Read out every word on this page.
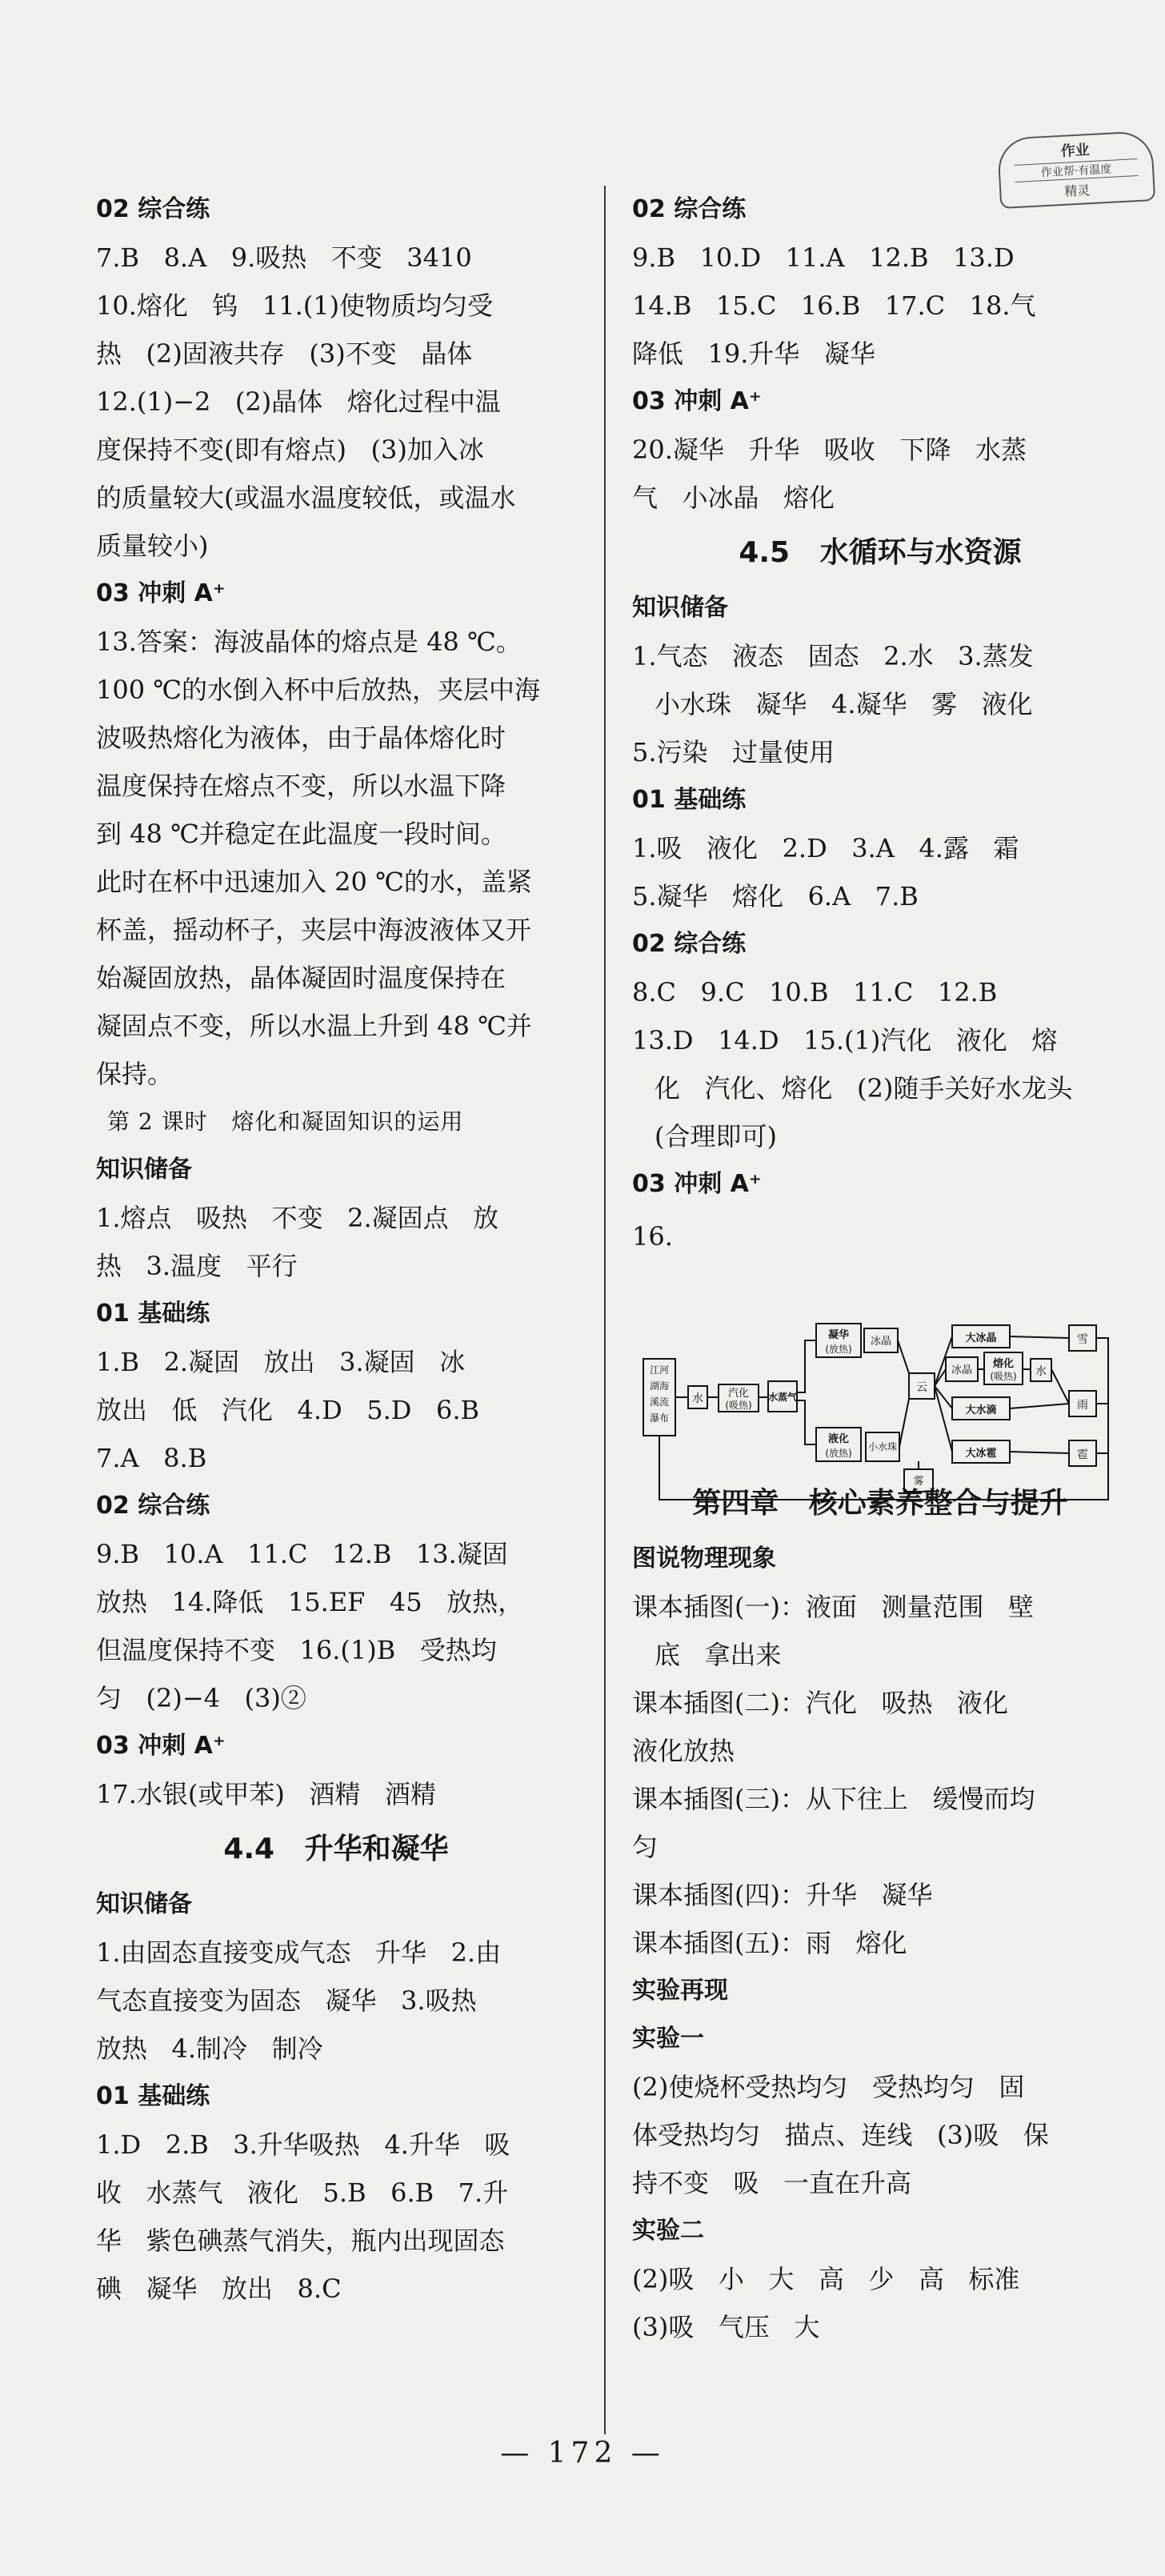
作业
作业帮·有温度
精灵

02 综合练

7.B   8.A   9.吸热   不变   3410

10.熔化   钨   11.(1)使物质均匀受

热   (2)固液共存   (3)不变   晶体

12.(1)−2   (2)晶体   熔化过程中温

度保持不变(即有熔点)   (3)加入冰

的质量较大(或温水温度较低，或温水

质量较小)

03 冲刺 A⁺

13.答案：海波晶体的熔点是 48 ℃。

100 ℃的水倒入杯中后放热，夹层中海

波吸热熔化为液体，由于晶体熔化时

温度保持在熔点不变，所以水温下降

到 48 ℃并稳定在此温度一段时间。

此时在杯中迅速加入 20 ℃的水，盖紧

杯盖，摇动杯子，夹层中海波液体又开

始凝固放热，晶体凝固时温度保持在

凝固点不变，所以水温上升到 48 ℃并

保持。

第 2 课时   熔化和凝固知识的运用

知识储备

1.熔点   吸热   不变   2.凝固点   放

热   3.温度   平行

01 基础练

1.B   2.凝固   放出   3.凝固   冰

放出   低   汽化   4.D   5.D   6.B

7.A   8.B

02 综合练

9.B   10.A   11.C   12.B   13.凝固

放热   14.降低   15.EF   45   放热，

但温度保持不变   16.(1)B   受热均

匀   (2)−4   (3)②

03 冲刺 A⁺

17.水银(或甲苯)   酒精   酒精

4.4   升华和凝华

知识储备

1.由固态直接变成气态   升华   2.由

气态直接变为固态   凝华   3.吸热

放热   4.制冷   制冷

01 基础练

1.D   2.B   3.升华吸热   4.升华   吸

收   水蒸气   液化   5.B   6.B   7.升

华   紫色碘蒸气消失，瓶内出现固态

碘   凝华   放出   8.C

02 综合练

9.B   10.D   11.A   12.B   13.D

14.B   15.C   16.B   17.C   18.气

降低   19.升华   凝华

03 冲刺 A⁺

20.凝华   升华   吸收   下降   水蒸

气   小冰晶   熔化

4.5   水循环与水资源

知识储备

1.气态   液态   固态   2.水   3.蒸发

小水珠   凝华   4.凝华   雾   液化

5.污染   过量使用

01 基础练

1.吸   液化   2.D   3.A   4.露   霜

5.凝华   熔化   6.A   7.B

02 综合练

8.C   9.C   10.B   11.C   12.B

13.D   14.D   15.(1)汽化   液化   熔

化   汽化、熔化   (2)随手关好水龙头

(合理即可)

03 冲刺 A⁺

16.

第四章   核心素养整合与提升

图说物理现象

课本插图(一)：液面   测量范围   壁

底   拿出来

课本插图(二)：汽化   吸热   液化

液化放热

课本插图(三)：从下往上   缓慢而均

匀

课本插图(四)：升华   凝华

课本插图(五)：雨   熔化

实验再现

实验一

(2)使烧杯受热均匀   受热均匀   固

体受热均匀   描点、连线   (3)吸   保

持不变   吸   一直在升高

实验二

(2)吸   小   大   高   少   高   标准

(3)吸   气压   大

江河
湖海
溪流
瀑布
水 汽化
(吸热)
水蒸气
凝华
(放热)
冰晶
云
液化
(放热)
小水珠
雾
大冰晶
冰晶
熔化
(吸热) 水
大水滴
大冰雹
雪
雨
雹
— 172 —
